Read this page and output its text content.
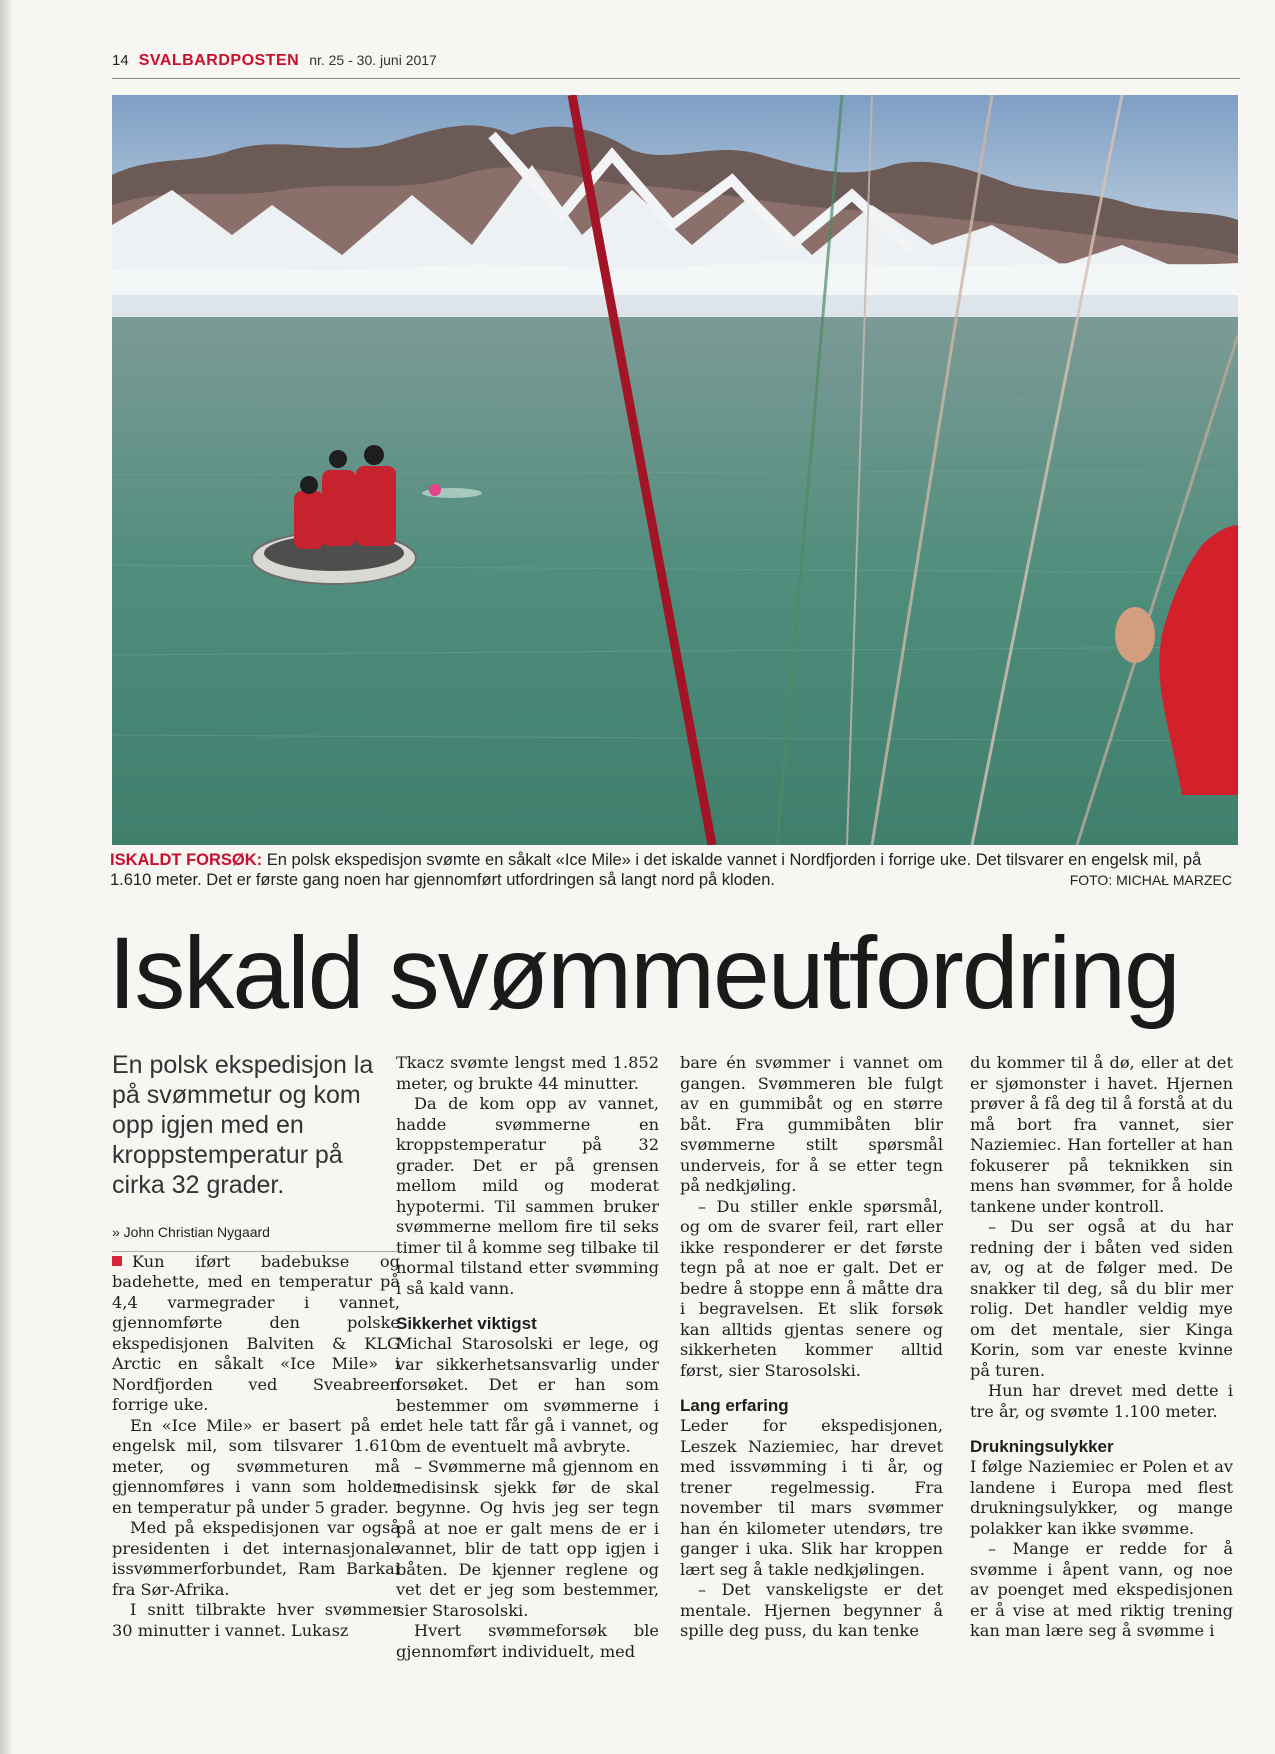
14 SVALBARDPOSTEN nr. 25 - 30. juni 2017
ISKALDT FORSØK: En polsk ekspedisjon svømte en såkalt «Ice Mile» i det iskalde vannet i Nordfjorden i forrige uke. Det tilsvarer en engelsk mil, på 1.610 meter. Det er første gang noen har gjennomført utfordringen så langt nord på kloden.	FOTO: MICHAŁ MARZEC
Iskald svømmeutfordring
En polsk ekspedisjon la på svømmetur og kom opp igjen med en kroppstemperatur på cirka 32 grader.
» John Christian Nygaard

Kun iført badebukse og badehette, med en temperatur på 4,4 varmegrader i vannet, gjennomførte den polske ekspedisjonen Balviten & KLG Arctic en såkalt «Ice Mile» i Nordfjorden ved Sveabreen forrige uke.

En «Ice Mile» er basert på en engelsk mil, som tilsvarer 1.610 meter, og svømmeturen må gjennomføres i vann som holder en temperatur på under 5 grader.

Med på ekspedisjonen var også presidenten i det internasjonale issvømmerforbundet, Ram Barkai fra Sør-Afrika.

I snitt tilbrakte hver svømmer 30 minutter i vannet. Lukasz

Tkacz svømte lengst med 1.852 meter, og brukte 44 minutter.

Da de kom opp av vannet, hadde svømmerne en kroppstemperatur på 32 grader. Det er på grensen mellom mild og moderat hypotermi. Til sammen bruker svømmerne mellom fire til seks timer til å komme seg tilbake til normal tilstand etter svømming i så kald vann.

Sikkerhet viktigst

Michal Starosolski er lege, og var sikkerhetsansvarlig under forsøket. Det er han som bestemmer om svømmerne i det hele tatt får gå i vannet, og om de eventuelt må avbryte.

– Svømmerne må gjennom en medisinsk sjekk før de skal begynne. Og hvis jeg ser tegn på at noe er galt mens de er i vannet, blir de tatt opp igjen i båten. De kjenner reglene og vet det er jeg som bestemmer, sier Starosolski.

Hvert svømmeforsøk ble gjennomført individuelt, med

bare én svømmer i vannet om gangen. Svømmeren ble fulgt av en gummibåt og en større båt. Fra gummibåten blir svømmerne stilt spørsmål underveis, for å se etter tegn på nedkjøling.

– Du stiller enkle spørsmål, og om de svarer feil, rart eller ikke responderer er det første tegn på at noe er galt. Det er bedre å stoppe enn å måtte dra i begravelsen. Et slik forsøk kan alltids gjentas senere og sikkerheten kommer alltid først, sier Starosolski.

Lang erfaring

Leder for ekspedisjonen, Leszek Naziemiec, har drevet med issvømming i ti år, og trener regelmessig. Fra november til mars svømmer han én kilometer utendørs, tre ganger i uka. Slik har kroppen lært seg å takle nedkjølingen.

– Det vanskeligste er det mentale. Hjernen begynner å spille deg puss, du kan tenke

du kommer til å dø, eller at det er sjømonster i havet. Hjernen prøver å få deg til å forstå at du må bort fra vannet, sier Naziemiec. Han forteller at han fokuserer på teknikken sin mens han svømmer, for å holde tankene under kontroll.

– Du ser også at du har redning der i båten ved siden av, og at de følger med. De snakker til deg, så du blir mer rolig. Det handler veldig mye om det mentale, sier Kinga Korin, som var eneste kvinne på turen.

Hun har drevet med dette i tre år, og svømte 1.100 meter.

Drukningsulykker

I følge Naziemiec er Polen et av landene i Europa med flest drukningsulykker, og mange polakker kan ikke svømme.

– Mange er redde for å svømme i åpent vann, og noe av poenget med ekspedisjonen er å vise at med riktig trening kan man lære seg å svømme i
